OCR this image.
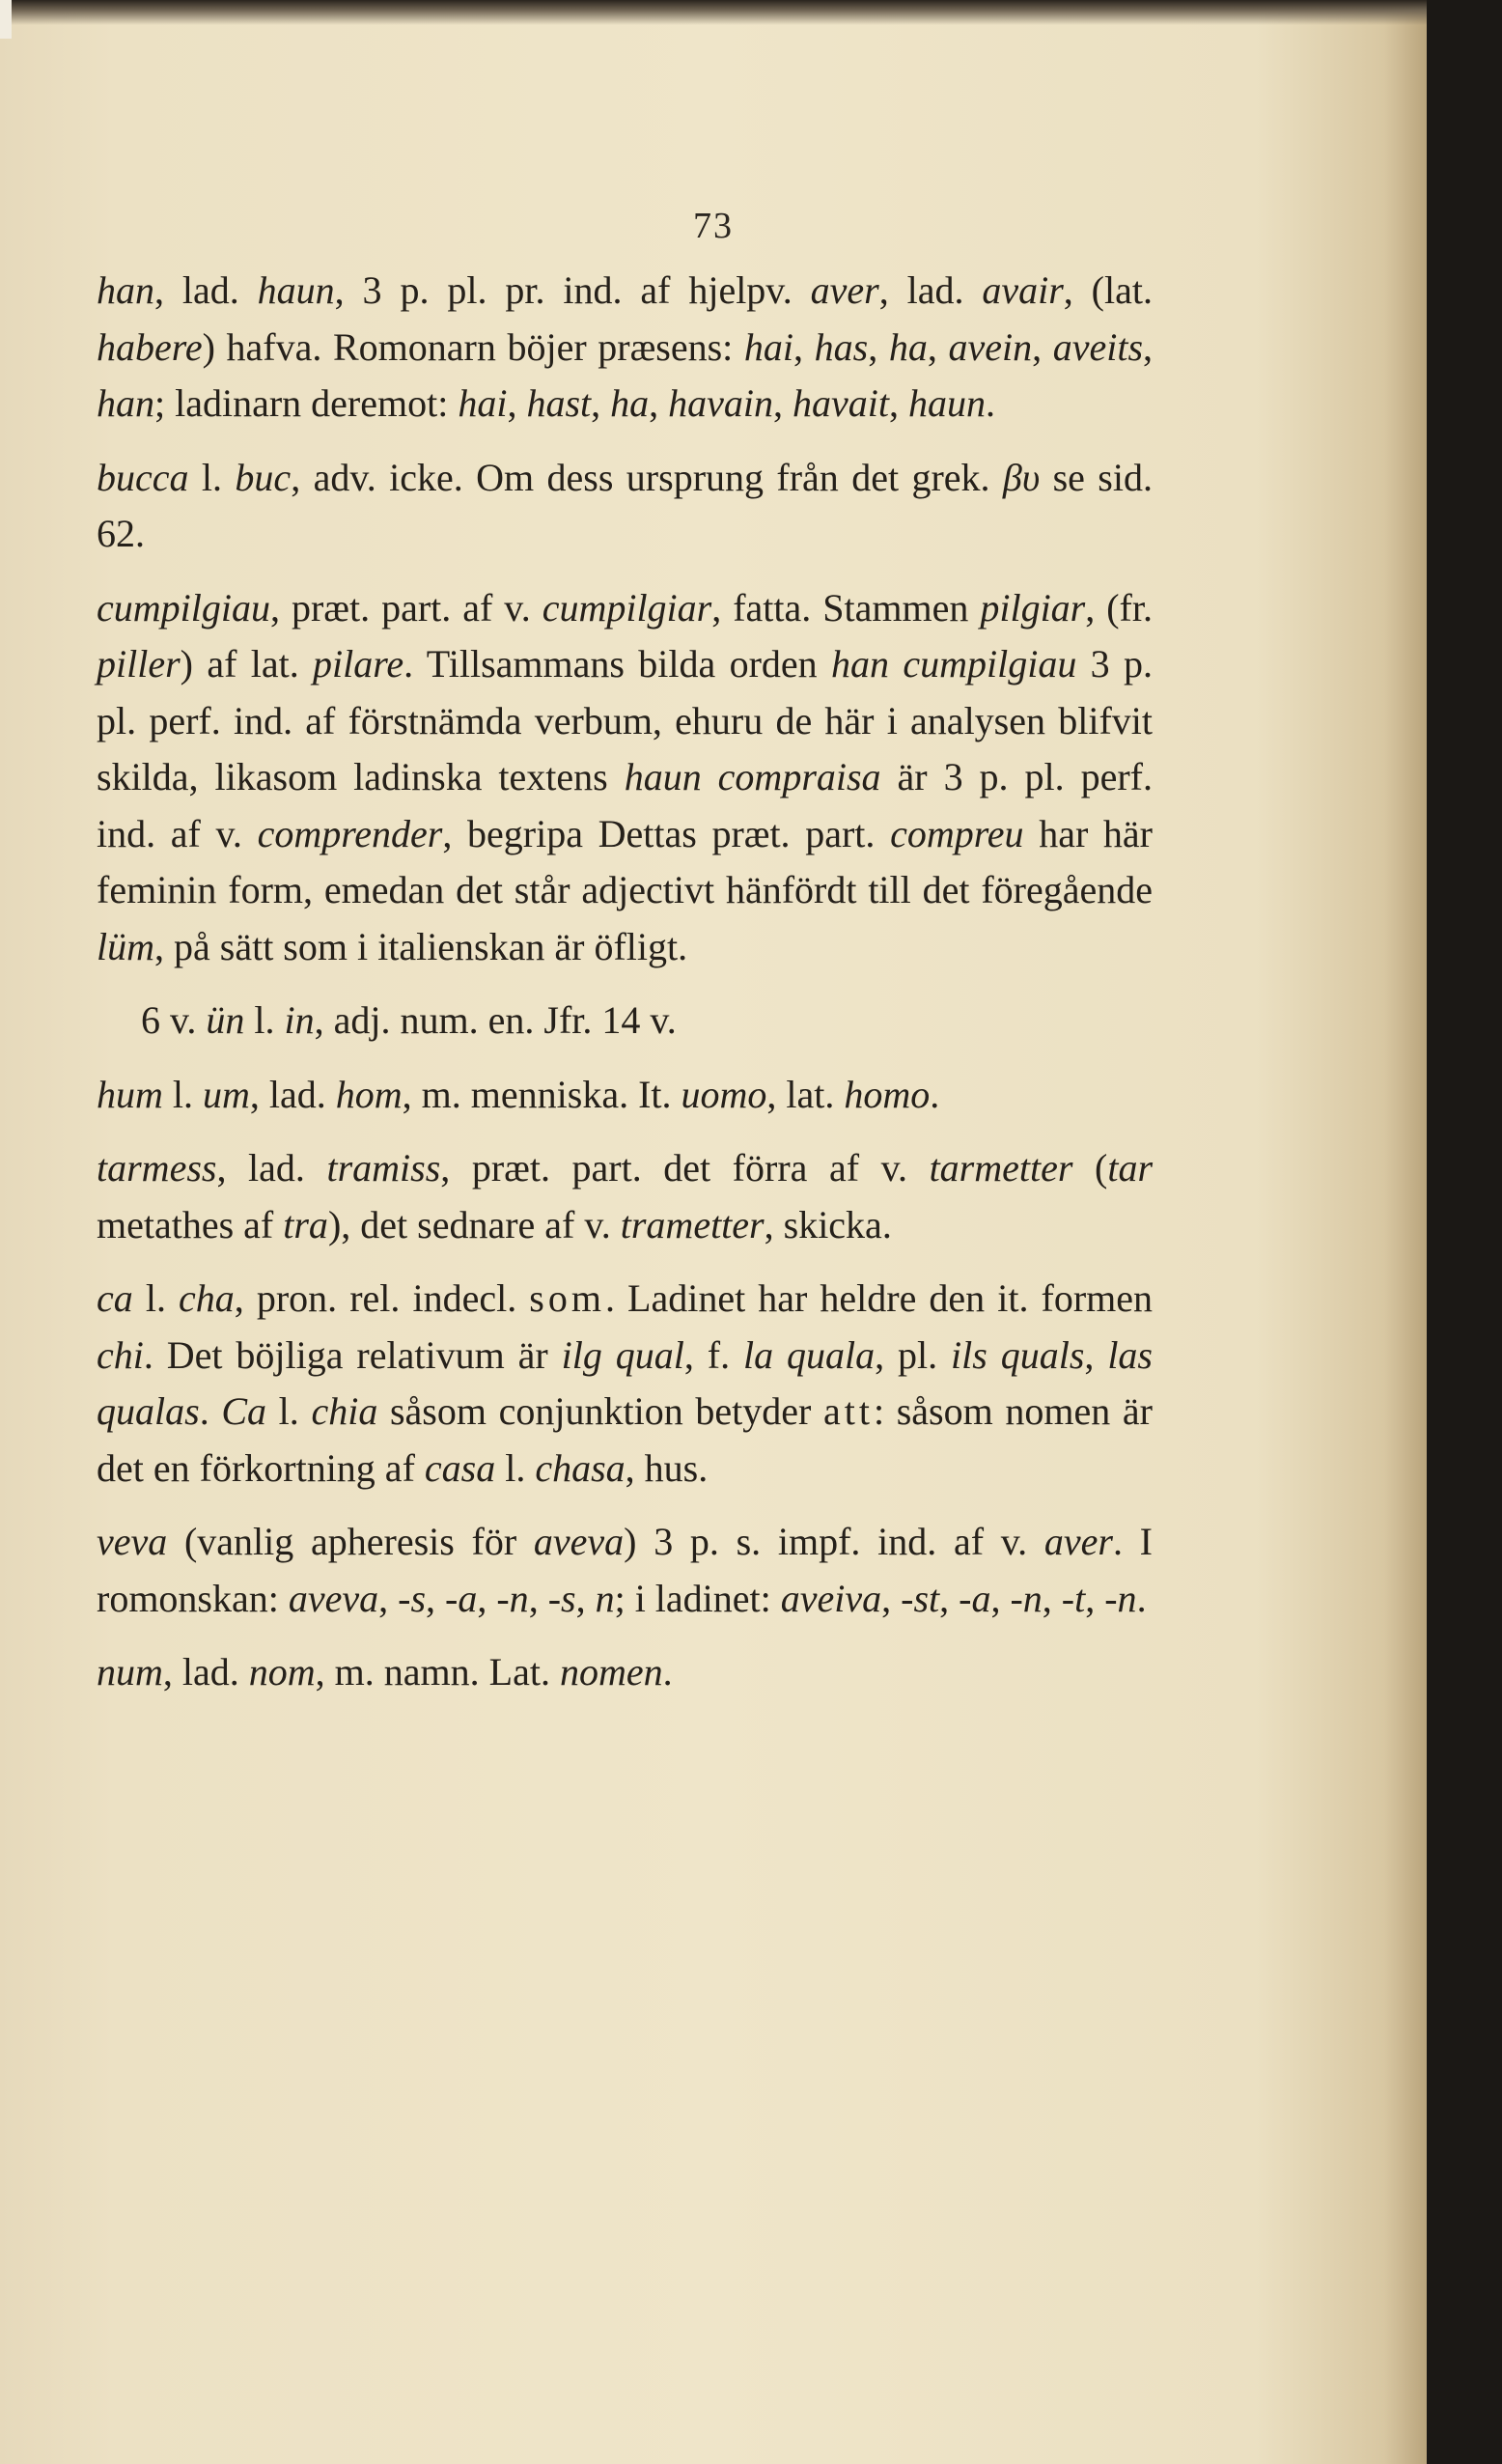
73

han, lad. haun, 3 p. pl. pr. ind. af hjelpv. aver, lad. avair, (lat. habere) hafva. Romonarn böjer præsens: hai, has, ha, avein, aveits, han; ladinarn deremot: hai, hast, ha, havain, havait, haun.

bucca l. buc, adv. icke. Om dess ursprung från det grek. βυ se sid. 62.

cumpilgiau, præt. part. af v. cumpilgiar, fatta. Stammen pilgiar, (fr. piller) af lat. pilare. Tillsammans bilda orden han cumpilgiau 3 p. pl. perf. ind. af förstnämda verbum, ehuru de här i analysen blifvit skilda, likasom ladinska textens haun compraisa är 3 p. pl. perf. ind. af v. comprender, begripa Dettas præt. part. compreu har här feminin form, emedan det står adjectivt hänfördt till det föregående lüm, på sätt som i italienskan är öfligt.

6 v. ün l. in, adj. num. en. Jfr. 14 v.

hum l. um, lad. hom, m. menniska. It. uomo, lat. homo.

tarmess, lad. tramiss, præt. part. det förra af v. tarmetter (tar metathes af tra), det sednare af v. trametter, skicka.

ca l. cha, pron. rel. indecl. som. Ladinet har heldre den it. formen chi. Det böjliga relativum är ilg qual, f. la quala, pl. ils quals, las qualas. Ca l. chia såsom conjunktion betyder att: såsom nomen är det en förkortning af casa l. chasa, hus.

veva (vanlig apheresis för aveva) 3 p. s. impf. ind. af v. aver. I romonskan: aveva, -s, -a, -n, -s, n; i ladinet: aveiva, -st, -a, -n, -t, -n.

num, lad. nom, m. namn. Lat. nomen.
